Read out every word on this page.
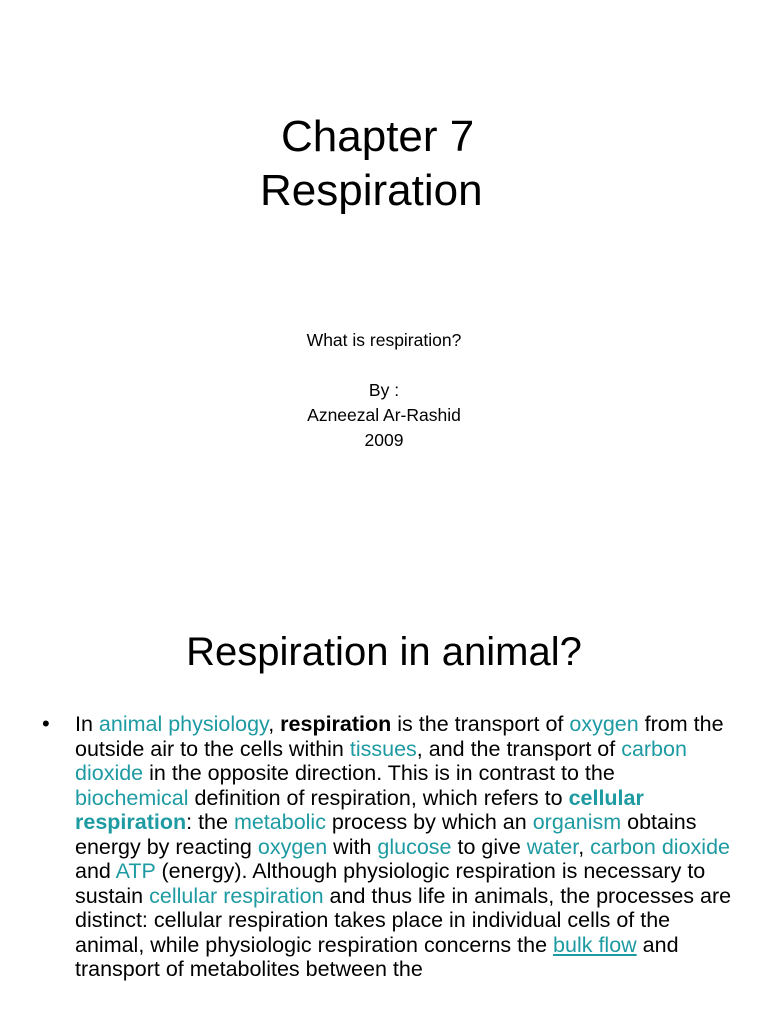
Chapter 7
Respiration
What is respiration?
By :
Azneezal Ar-Rashid
2009
Respiration in animal?
• In animal physiology, respiration is the transport of oxygen from the outside air to the cells within tissues, and the transport of carbon dioxide in the opposite direction. This is in contrast to the biochemical definition of respiration, which refers to cellular respiration: the metabolic process by which an organism obtains energy by reacting oxygen with glucose to give water, carbon dioxide and ATP (energy). Although physiologic respiration is necessary to sustain cellular respiration and thus life in animals, the processes are distinct: cellular respiration takes place in individual cells of the animal, while physiologic respiration concerns the bulk flow and transport of metabolites between the
